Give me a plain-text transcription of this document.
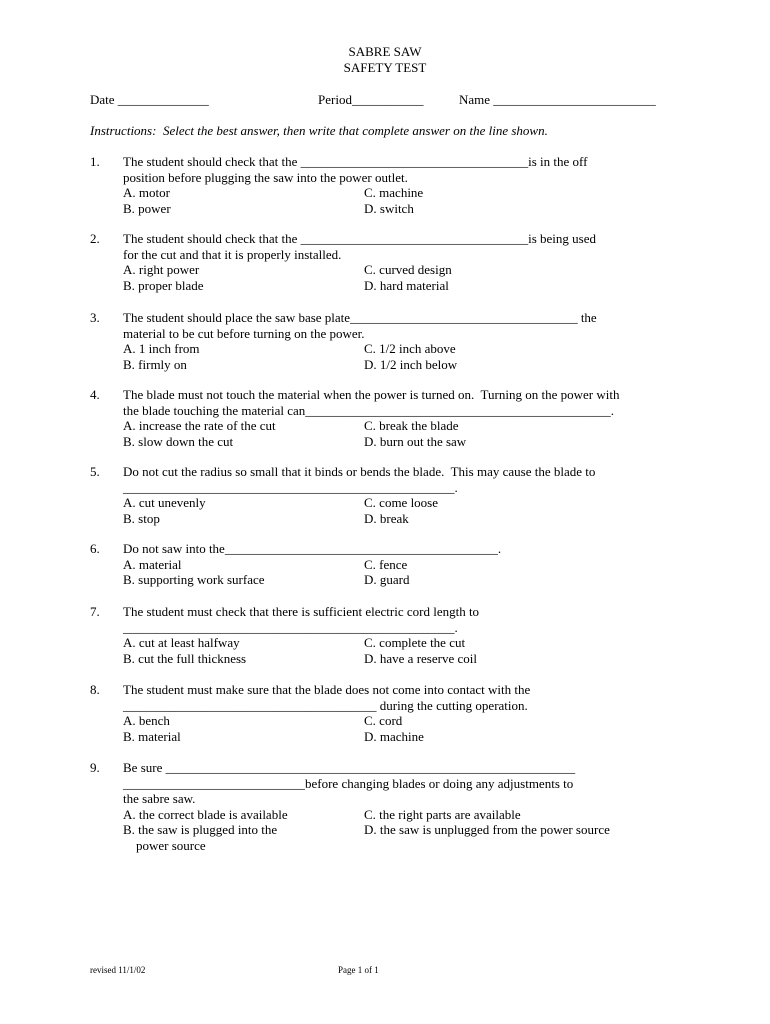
SABRE SAW
SAFETY TEST
Date ______________	Period___________	Name _________________________
Instructions:  Select the best answer, then write that complete answer on the line shown.
1. The student should check that the ___________________________________is in the off
position before plugging the saw into the power outlet.
A. motor	C. machine
B. power	D. switch
2. The student should check that the ___________________________________is being used
for the cut and that it is properly installed.
A. right power	C. curved design
B. proper blade	D. hard material
3. The student should place the saw base plate___________________________________ the
material to be cut before turning on the power.
A. 1 inch from	C. 1/2 inch above
B. firmly on	D. 1/2 inch below
4. The blade must not touch the material when the power is turned on.  Turning on the power with
the blade touching the material can_______________________________________________.
A. increase the rate of the cut	C. break the blade
B. slow down the cut	D. burn out the saw
5. Do not cut the radius so small that it binds or bends the blade.  This may cause the blade to
___________________________________________________.
A. cut unevenly	C. come loose
B. stop	D. break
6. Do not saw into the__________________________________________.
A. material	C. fence
B. supporting work surface	D. guard
7. The student must check that there is sufficient electric cord length to
___________________________________________________.
A. cut at least halfway	C. complete the cut
B. cut the full thickness	D. have a reserve coil
8. The student must make sure that the blade does not come into contact with the
_______________________________________ during the cutting operation.
A. bench	C. cord
B. material	D. machine
9. Be sure _______________________________________________________________
____________________________before changing blades or doing any adjustments to
the sabre saw.
A. the correct blade is available	C. the right parts are available
B. the saw is plugged into the	D. the saw is unplugged from the power source
power source
revised 11/1/02	Page 1 of 1
